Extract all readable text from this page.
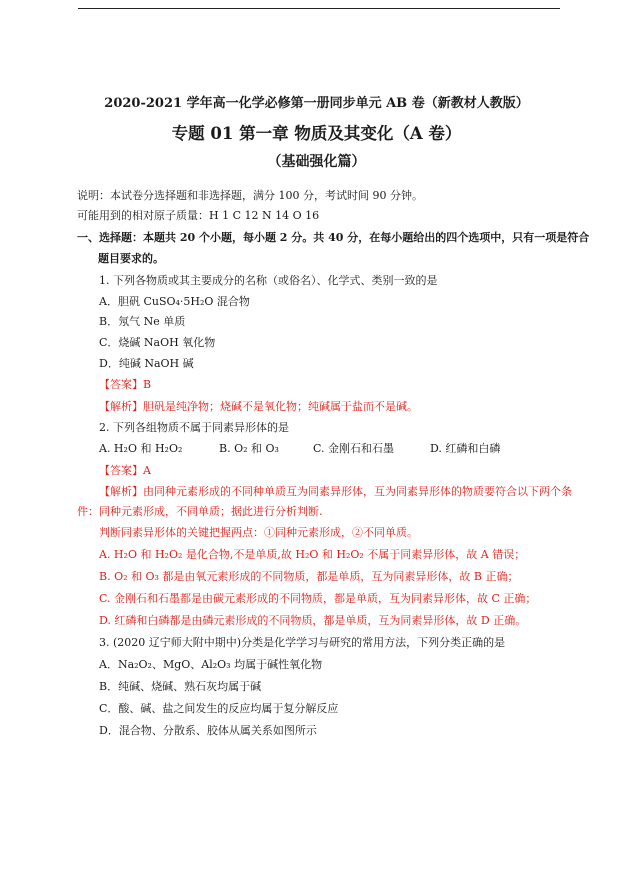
2020-2021 学年高一化学必修第一册同步单元 AB 卷（新教材人教版）
专题 01 第一章 物质及其变化（A 卷）
（基础强化篇）
说明：本试卷分选择题和非选择题，满分 100 分，考试时间 90 分钟。
可能用到的相对原子质量：H 1 C 12 N 14 O 16
一、选择题：本题共 20 个小题，每小题 2 分。共 40 分，在每小题给出的四个选项中，只有一项是符合
题目要求的。
1. 下列各物质或其主要成分的名称（或俗名）、化学式、类别一致的是
A．胆矾 CuSO₄·5H₂O 混合物
B．氖气 Ne 单质
C．烧碱 NaOH 氧化物
D．纯碱 NaOH 碱
【答案】B
【解析】胆矾是纯净物；烧碱不是氧化物；纯碱属于盐而不是碱。
2. 下列各组物质不属于同素异形体的是
A. H₂O 和 H₂O₂	B. O₂ 和 O₃	C. 金刚石和石墨	D. 红磷和白磷
【答案】A
【解析】由同种元素形成的不同种单质互为同素异形体，互为同素异形体的物质要符合以下两个条
件：同种元素形成，不同单质；据此进行分析判断.
判断同素异形体的关键把握两点：①同种元素形成，②不同单质。
A. H₂O 和 H₂O₂ 是化合物,不是单质,故 H₂O 和 H₂O₂ 不属于同素异形体，故 A 错误；
B. O₂ 和 O₃ 都是由氧元素形成的不同物质，都是单质，互为同素异形体，故 B 正确；
C. 金刚石和石墨都是由碳元素形成的不同物质，都是单质，互为同素异形体，故 C 正确；
D. 红磷和白磷都是由磷元素形成的不同物质，都是单质，互为同素异形体，故 D 正确。
3. (2020 辽宁师大附中期中)分类是化学学习与研究的常用方法，下列分类正确的是
A．Na₂O₂、MgO、Al₂O₃ 均属于碱性氧化物
B．纯碱、烧碱、熟石灰均属于碱
C．酸、碱、盐之间发生的反应均属于复分解反应
D．混合物、分散系、胶体从属关系如图所示
